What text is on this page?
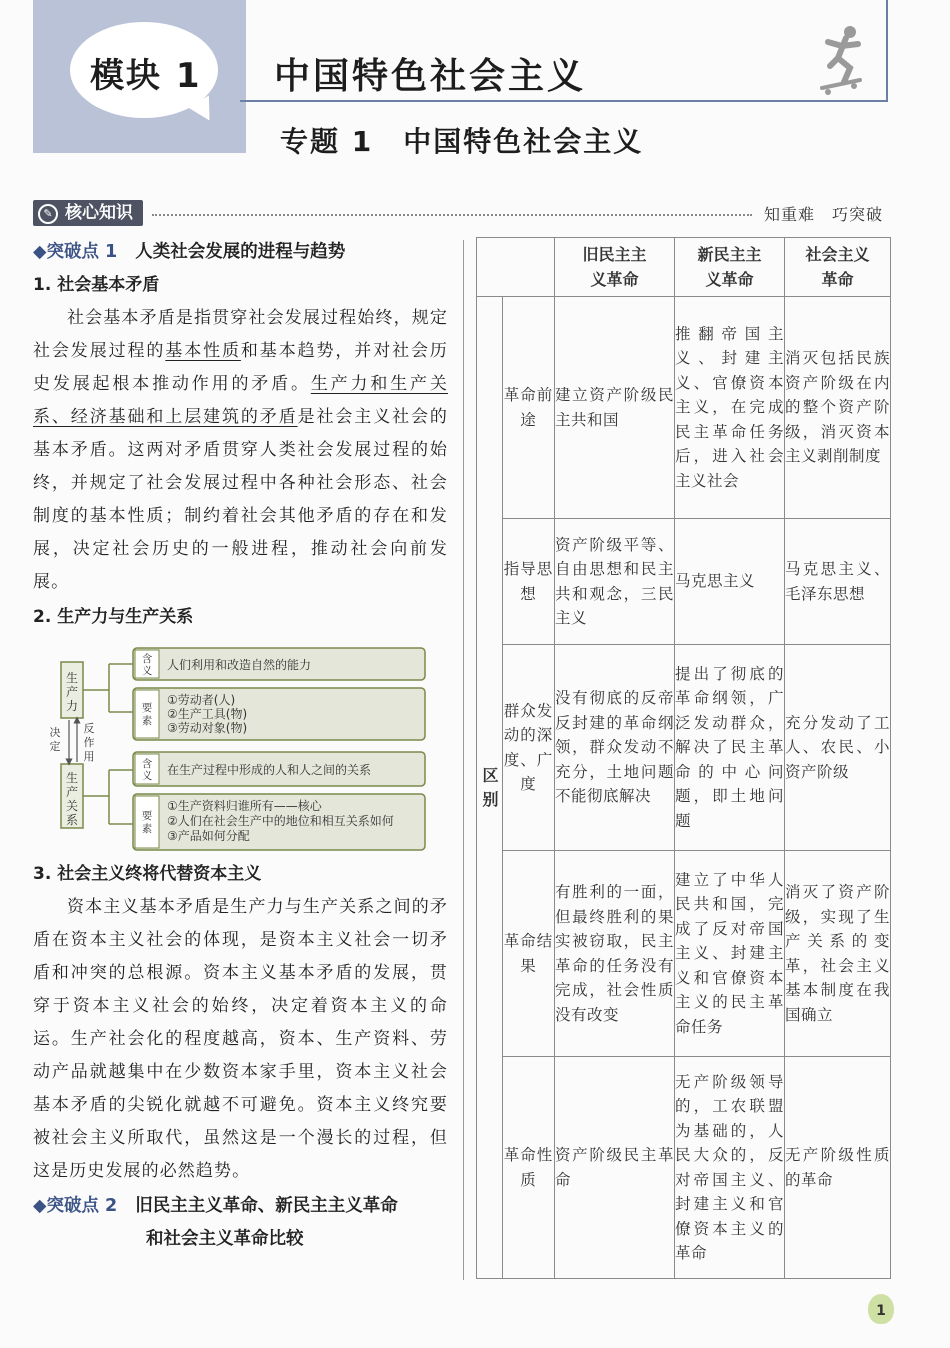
模块 1 中国特色社会主义
专题 1　中国特色社会主义
核心知识
✎	知重难　巧突破

◆突破点 1 人类社会发展的进程与趋势

1. 社会基本矛盾

社会基本矛盾是指贯穿社会发展过程始终，规定社会发展过程的基本性质和基本趋势，并对社会历史发展起根本推动作用的矛盾。生产力和生产关系、经济基础和上层建筑的矛盾是社会主义社会的基本矛盾。这两对矛盾贯穿人类社会发展过程的始终，并规定了社会发展过程中各种社会形态、社会制度的基本性质；制约着社会其他矛盾的存在和发展，决定社会历史的一般进程，推动社会向前发展。

2. 生产力与生产关系

生
产
力
生
产
关
系
决
定
反
作
用
含
义 人们利用和改造自然的能力
要
素
①劳动者(人)
②生产工具(物)
③劳动对象(物)
含
义 在生产过程中形成的人和人之间的关系
要
素
①生产资料归谁所有——核心
②人们在社会生产中的地位和相互关系如何
③产品如何分配

3. 社会主义终将代替资本主义

资本主义基本矛盾是生产力与生产关系之间的矛盾在资本主义社会的体现，是资本主义社会一切矛盾和冲突的总根源。资本主义基本矛盾的发展，贯穿于资本主义社会的始终，决定着资本主义的命运。生产社会化的程度越高，资本、生产资料、劳动产品就越集中在少数资本家手里，资本主义社会基本矛盾的尖锐化就越不可避免。资本主义终究要被社会主义所取代，虽然这是一个漫长的过程，但这是历史发展的必然趋势。

◆突破点 2 旧民主主义革命、新民主主义革命

和社会主义革命比较

		旧民主主义革命	新民主主义革命	社会主义革命

区别	革命前途	建立资产阶级民主共和国	推翻帝国主义、封建主义、官僚资本主义，在完成民主革命任务后，进入社会主义社会	消灭包括民族资产阶级在内的整个资产阶级，消灭资本主义剥削制度
	指导思想	资产阶级平等、自由思想和民主共和观念，三民主义	马克思主义	马克思主义、毛泽东思想
	群众发动的深度、广度	没有彻底的反帝反封建的革命纲领，群众发动不充分，土地问题不能彻底解决	提出了彻底的革命纲领，广泛发动群众，解决了民主革命的中心问题，即土地问题	充分发动了工人、农民、小资产阶级
	革命结果	有胜利的一面，但最终胜利的果实被窃取，民主革命的任务没有完成，社会性质没有改变	建立了中华人民共和国，完成了反对帝国主义、封建主义和官僚资本主义的民主革命任务	消灭了资产阶级，实现了生产关系的变革，社会主义基本制度在我国确立
	革命性质	资产阶级民主革命	无产阶级领导的，工农联盟为基础的，人民大众的，反对帝国主义、封建主义和官僚资本主义的革命	无产阶级性质的革命
1
